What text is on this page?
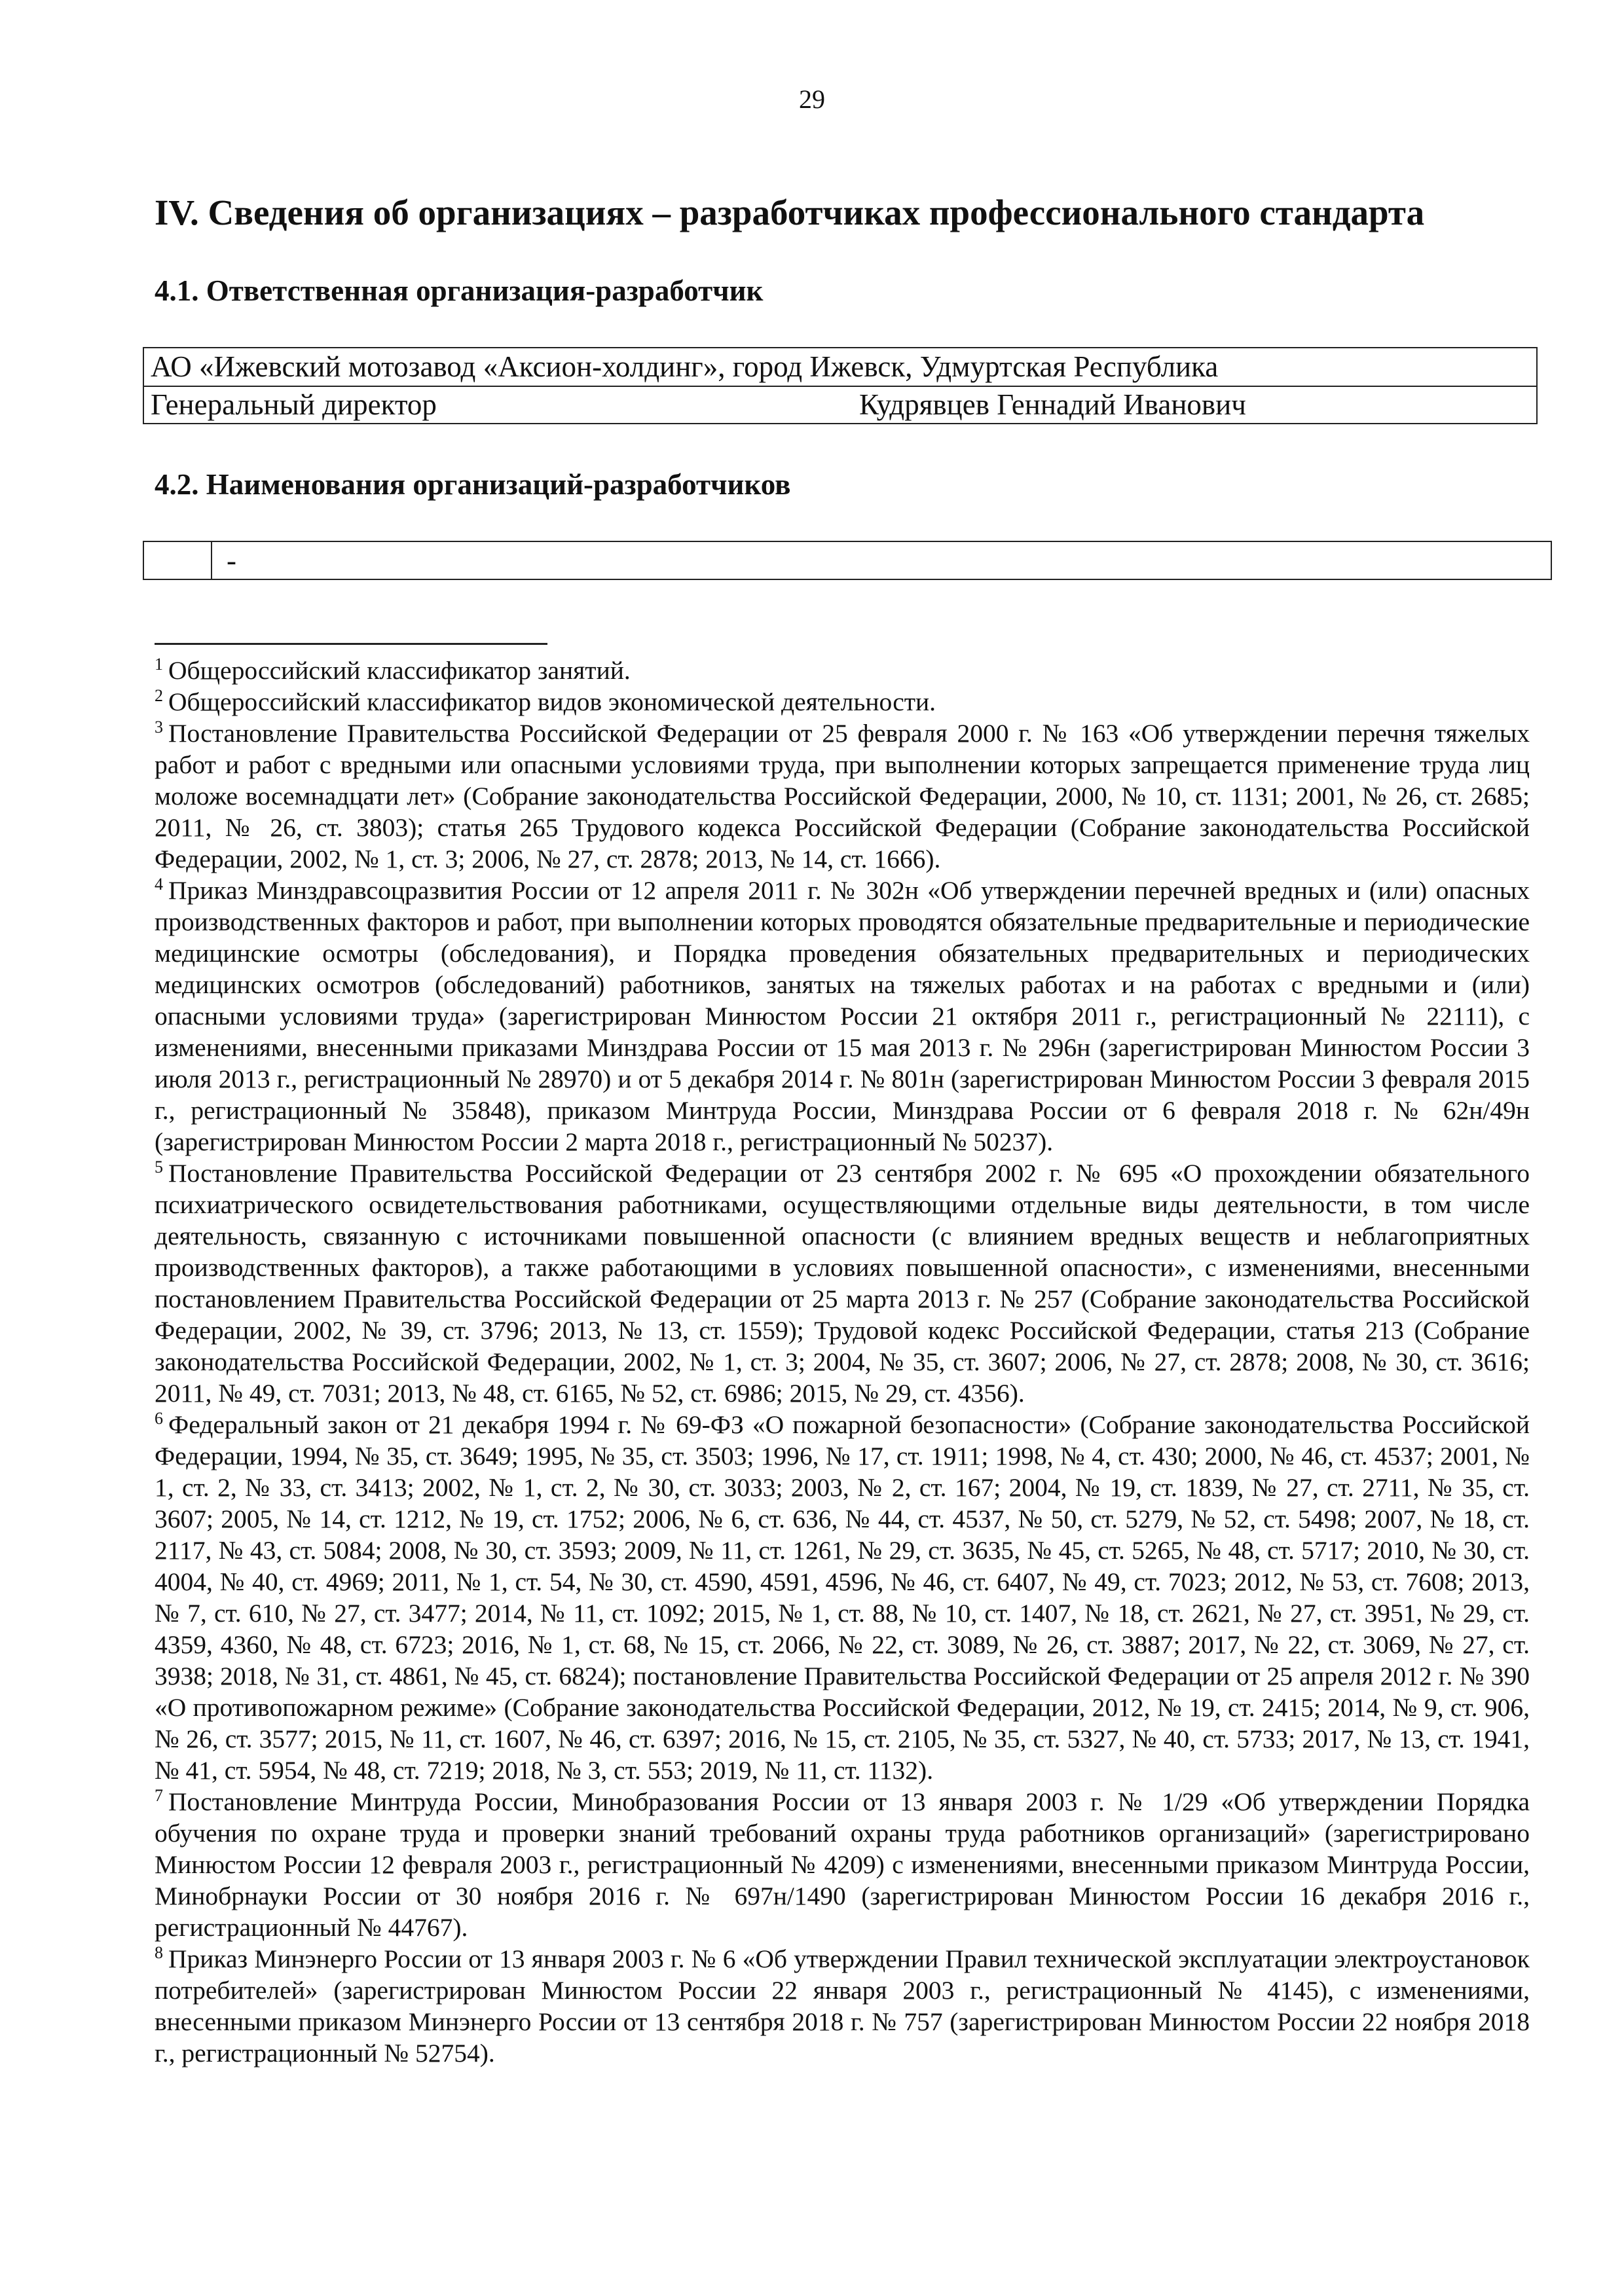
29
IV. Сведения об организациях – разработчиках профессионального стандарта
4.1. Ответственная организация-разработчик
АО «Ижевский мотозавод «Аксион-холдинг», город Ижевск, Удмуртская Республика
Генеральный директор	Кудрявцев Геннадий Иванович
4.2. Наименования организаций-разработчиков
-

$^1$ Общероссийский классификатор занятий.

$^2$ Общероссийский классификатор видов экономической деятельности.

$^3$ Постановление Правительства Российской Федерации от 25 февраля 2000 г. № 163 «Об утверждении перечня тяжелых работ и работ с вредными или опасными условиями труда, при выполнении которых запрещается применение труда лиц моложе восемнадцати лет» (Собрание законодательства Российской Федерации, 2000, № 10, ст. 1131; 2001, № 26, ст. 2685; 2011, № 26, ст. 3803); статья 265 Трудового кодекса Российской Федерации (Собрание законодательства Российской Федерации, 2002, № 1, ст. 3; 2006, № 27, ст. 2878; 2013, № 14, ст. 1666).

$^4$ Приказ Минздравсоцразвития России от 12 апреля 2011 г. № 302н «Об утверждении перечней вредных и (или) опасных производственных факторов и работ, при выполнении которых проводятся обязательные предварительные и периодические медицинские осмотры (обследования), и Порядка проведения обязательных предварительных и периодических медицинских осмотров (обследований) работников, занятых на тяжелых работах и на работах с вредными и (или) опасными условиями труда» (зарегистрирован Минюстом России 21 октября 2011 г., регистрационный № 22111), с изменениями, внесенными приказами Минздрава России от 15 мая 2013 г. № 296н (зарегистрирован Минюстом России 3 июля 2013 г., регистрационный № 28970) и от 5 декабря 2014 г. № 801н (зарегистрирован Минюстом России 3 февраля 2015 г., регистрационный № 35848), приказом Минтруда России, Минздрава России от 6 февраля 2018 г. № 62н/49н (зарегистрирован Минюстом России 2 марта 2018 г., регистрационный № 50237).

$^5$ Постановление Правительства Российской Федерации от 23 сентября 2002 г. № 695 «О прохождении обязательного психиатрического освидетельствования работниками, осуществляющими отдельные виды деятельности, в том числе деятельность, связанную с источниками повышенной опасности (с влиянием вредных веществ и неблагоприятных производственных факторов), а также работающими в условиях повышенной опасности», с изменениями, внесенными постановлением Правительства Российской Федерации от 25 марта 2013 г. № 257 (Собрание законодательства Российской Федерации, 2002, № 39, ст. 3796; 2013, № 13, ст. 1559); Трудовой кодекс Российской Федерации, статья 213 (Собрание законодательства Российской Федерации, 2002, № 1, ст. 3; 2004, № 35, ст. 3607; 2006, № 27, ст. 2878; 2008, № 30, ст. 3616; 2011, № 49, ст. 7031; 2013, № 48, ст. 6165, № 52, ст. 6986; 2015, № 29, ст. 4356).

$^6$ Федеральный закон от 21 декабря 1994 г. № 69-ФЗ «О пожарной безопасности» (Собрание законодательства Российской Федерации, 1994, № 35, ст. 3649; 1995, № 35, ст. 3503; 1996, № 17, ст. 1911; 1998, № 4, ст. 430; 2000, № 46, ст. 4537; 2001, № 1, ст. 2, № 33, ст. 3413; 2002, № 1, ст. 2, № 30, ст. 3033; 2003, № 2, ст. 167; 2004, № 19, ст. 1839, № 27, ст. 2711, № 35, ст. 3607; 2005, № 14, ст. 1212, № 19, ст. 1752; 2006, № 6, ст. 636, № 44, ст. 4537, № 50, ст. 5279, № 52, ст. 5498; 2007, № 18, ст. 2117, № 43, ст. 5084; 2008, № 30, ст. 3593; 2009, № 11, ст. 1261, № 29, ст. 3635, № 45, ст. 5265, № 48, ст. 5717; 2010, № 30, ст. 4004, № 40, ст. 4969; 2011, № 1, ст. 54, № 30, ст. 4590, 4591, 4596, № 46, ст. 6407, № 49, ст. 7023; 2012, № 53, ст. 7608; 2013, № 7, ст. 610, № 27, ст. 3477; 2014, № 11, ст. 1092; 2015, № 1, ст. 88, № 10, ст. 1407, № 18, ст. 2621, № 27, ст. 3951, № 29, ст. 4359, 4360, № 48, ст. 6723; 2016, № 1, ст. 68, № 15, ст. 2066, № 22, ст. 3089, № 26, ст. 3887; 2017, № 22, ст. 3069, № 27, ст. 3938; 2018, № 31, ст. 4861, № 45, ст. 6824); постановление Правительства Российской Федерации от 25 апреля 2012 г. № 390 «О противопожарном режиме» (Собрание законодательства Российской Федерации, 2012, № 19, ст. 2415; 2014, № 9, ст. 906, № 26, ст. 3577; 2015, № 11, ст. 1607, № 46, ст. 6397; 2016, № 15, ст. 2105, № 35, ст. 5327, № 40, ст. 5733; 2017, № 13, ст. 1941, № 41, ст. 5954, № 48, ст. 7219; 2018, № 3, ст. 553; 2019, № 11, ст. 1132).

$^7$ Постановление Минтруда России, Минобразования России от 13 января 2003 г. № 1/29 «Об утверждении Порядка обучения по охране труда и проверки знаний требований охраны труда работников организаций» (зарегистрировано Минюстом России 12 февраля 2003 г., регистрационный № 4209) с изменениями, внесенными приказом Минтруда России, Минобрнауки России от 30 ноября 2016 г. № 697н/1490 (зарегистрирован Минюстом России 16 декабря 2016 г., регистрационный № 44767).

$^8$ Приказ Минэнерго России от 13 января 2003 г. № 6 «Об утверждении Правил технической эксплуатации электроустановок потребителей» (зарегистрирован Минюстом России 22 января 2003 г., регистрационный № 4145), с изменениями, внесенными приказом Минэнерго России от 13 сентября 2018 г. № 757 (зарегистрирован Минюстом России 22 ноября 2018 г., регистрационный № 52754).
